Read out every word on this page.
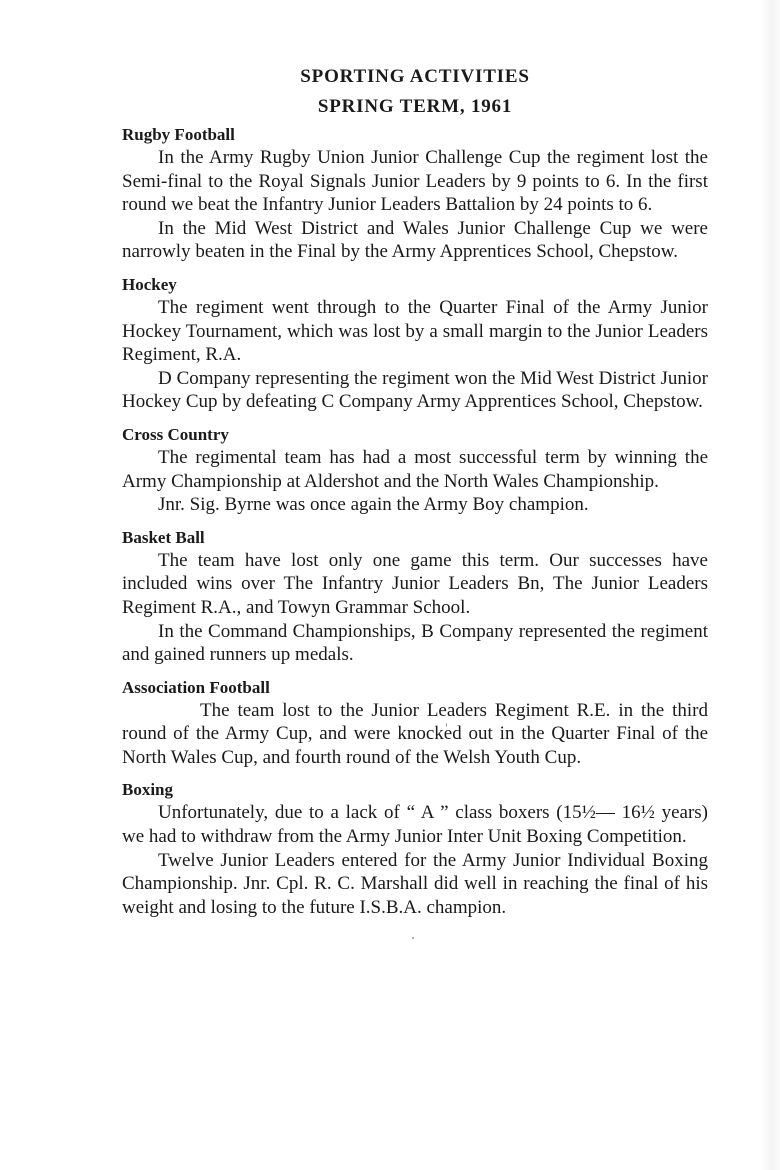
SPORTING ACTIVITIES
SPRING TERM, 1961
Rugby Football

In the Army Rugby Union Junior Challenge Cup the regiment lost the Semi-final to the Royal Signals Junior Leaders by 9 points to 6. In the first round we beat the Infantry Junior Leaders Battalion by 24 points to 6.

In the Mid West District and Wales Junior Challenge Cup we were narrowly beaten in the Final by the Army Apprentices School, Chepstow.

Hockey

The regiment went through to the Quarter Final of the Army Junior Hockey Tournament, which was lost by a small margin to the Junior Leaders Regiment, R.A.

D Company representing the regiment won the Mid West District Junior Hockey Cup by defeating C Company Army Apprentices School, Chepstow.

Cross Country

The regimental team has had a most successful term by winning the Army Championship at Aldershot and the North Wales Championship.

Jnr. Sig. Byrne was once again the Army Boy champion.

Basket Ball

The team have lost only one game this term. Our successes have included wins over The Infantry Junior Leaders Bn, The Junior Leaders Regiment R.A., and Towyn Grammar School.

In the Command Championships, B Company represented the regiment and gained runners up medals.

Association Football

The team lost to the Junior Leaders Regiment R.E. in the third round of the Army Cup, and were knocked out in the Quarter Final of the North Wales Cup, and fourth round of the Welsh Youth Cup.

Boxing

Unfortunately, due to a lack of “ A ” class boxers (15½— 16½ years) we had to withdraw from the Army Junior Inter Unit Boxing Competition.

Twelve Junior Leaders entered for the Army Junior Individual Boxing Championship. Jnr. Cpl. R. C. Marshall did well in reaching the final of his weight and losing to the future I.S.B.A. champion.
